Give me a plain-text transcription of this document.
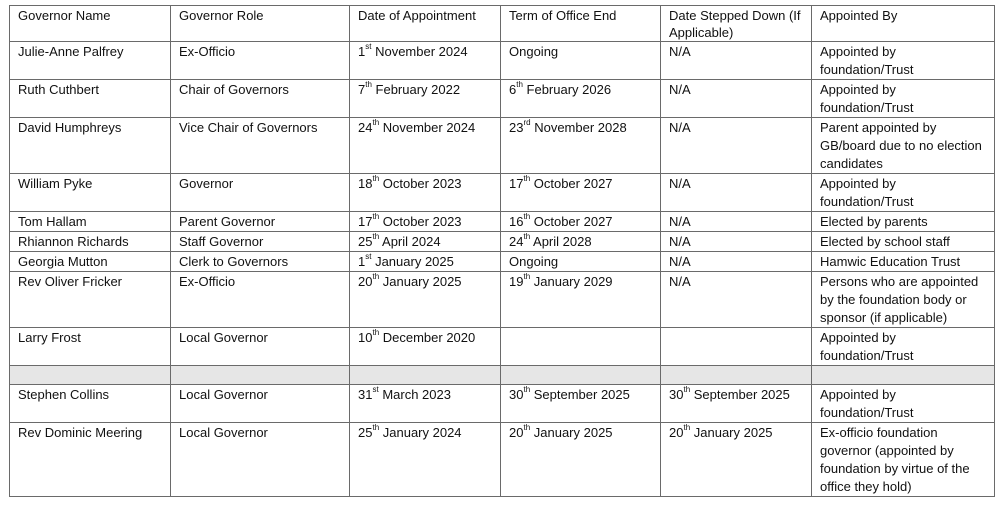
Governor Name	Governor Role	Date of Appointment	Term of Office End	Date Stepped Down (If Applicable)	Appointed By
Julie-Anne Palfrey	Ex-Officio	1st November 2024	Ongoing	N/A	Appointed by foundation/Trust
Ruth Cuthbert	Chair of Governors	7th February 2022	6th February 2026	N/A	Appointed by foundation/Trust
David Humphreys	Vice Chair of Governors	24th November 2024	23rd November 2028	N/A	Parent appointed by GB/board due to no election candidates
William Pyke	Governor	18th October 2023	17th October 2027	N/A	Appointed by foundation/Trust
Tom Hallam	Parent Governor	17th October 2023	16th October 2027	N/A	Elected by parents
Rhiannon Richards	Staff Governor	25th April 2024	24th April 2028	N/A	Elected by school staff
Georgia Mutton	Clerk to Governors	1st January 2025	Ongoing	N/A	Hamwic Education Trust
Rev Oliver Fricker	Ex-Officio	20th January 2025	19th January 2029	N/A	Persons who are appointed by the foundation body or sponsor (if applicable)
Larry Frost	Local Governor	10th December 2020			Appointed by foundation/Trust

Stephen Collins	Local Governor	31st March 2023	30th September 2025	30th September 2025	Appointed by foundation/Trust
Rev Dominic Meering	Local Governor	25th January 2024	20th January 2025	20th January 2025	Ex-officio foundation governor (appointed by foundation by virtue of the office they hold)
